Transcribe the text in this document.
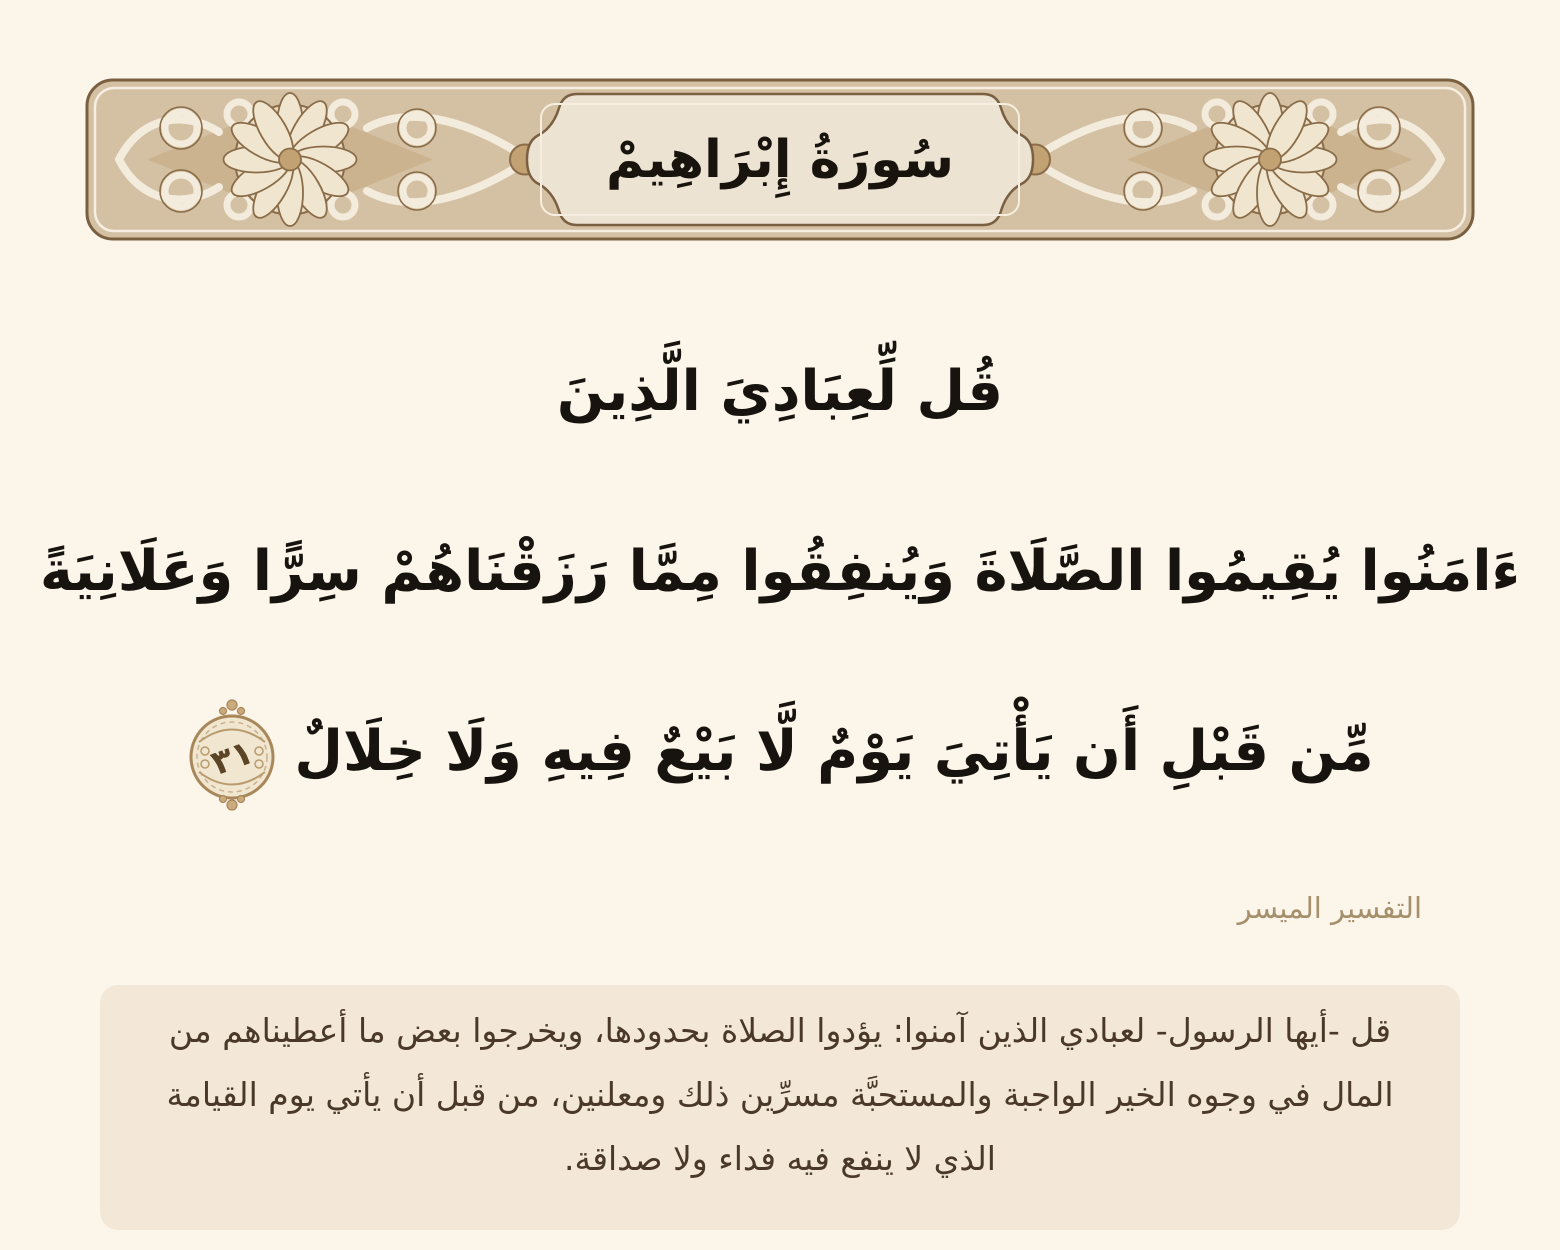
سُورَةُ إِبْرَاهِيمْ
قُل لِّعِبَادِيَ الَّذِينَ
ءَامَنُوا يُقِيمُوا الصَّلَاةَ وَيُنفِقُوا مِمَّا رَزَقْنَاهُمْ سِرًّا وَعَلَانِيَةً
مِّن قَبْلِ أَن يَأْتِيَ يَوْمٌ لَّا بَيْعٌ فِيهِ وَلَا خِلَالٌ
٣١
التفسير الميسر

قل -أيها الرسول- لعبادي الذين آمنوا: يؤدوا الصلاة بحدودها، ويخرجوا بعض ما أعطيناهم من المال في وجوه الخير الواجبة والمستحبَّة مسرِّين ذلك ومعلنين، من قبل أن يأتي يوم القيامة الذي لا ينفع فيه فداء ولا صداقة.
